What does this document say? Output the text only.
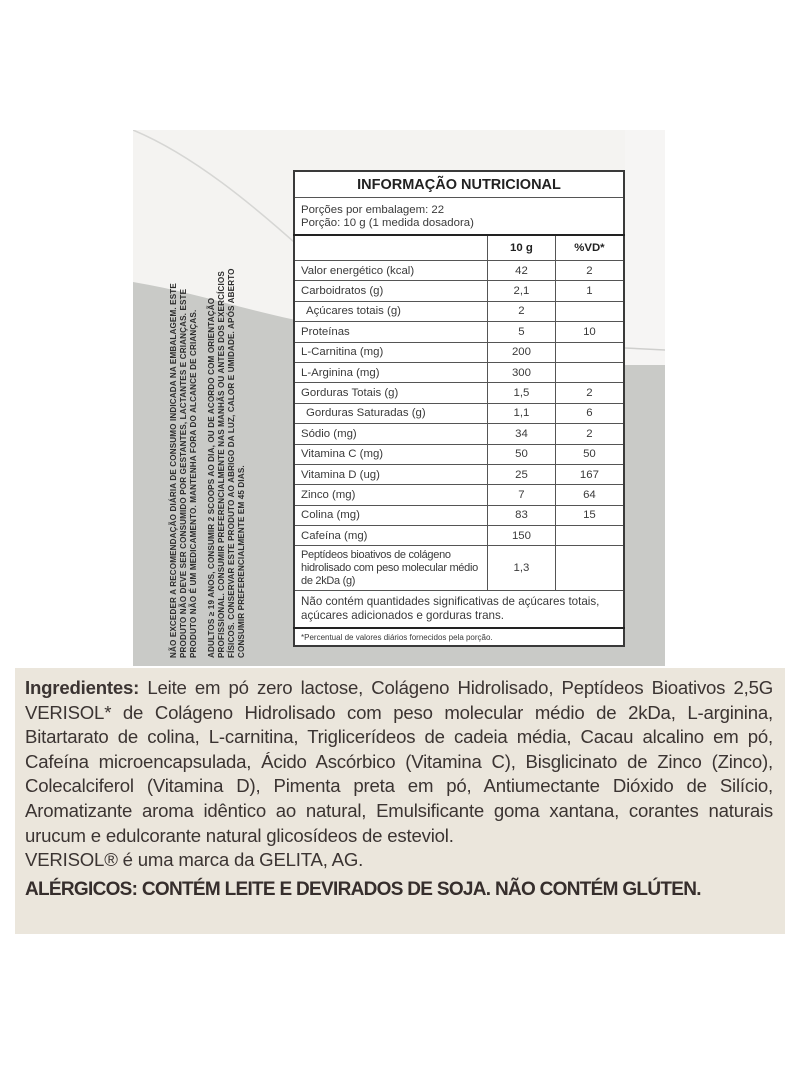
NÃO EXCEDER A RECOMENDAÇÃO DIÁRIA DE CONSUMO INDICADA NA EMBALAGEM. ESTE PRODUTO NÃO DEVE SER CONSUMIDO POR GESTANTES, LACTANTES E CRIANÇAS. ESTE PRODUTO NÃO É UM MEDICAMENTO. MANTENHA FORA DO ALCANCE DE CRIANÇAS. ADULTOS ≥ 19 ANOS, CONSUMIR 2 SCOOPS AO DIA, OU DE ACORDO COM ORIENTAÇÃO PROFISSIONAL. CONSUMIR PREFERENCIALMENTE NAS MANHÃS OU ANTES DOS EXERCÍCIOS FÍSICOS. CONSERVAR ESTE PRODUTO AO ABRIGO DA LUZ, CALOR E UMIDADE. APÓS ABERTO CONSUMIR PREFERENCIALMENTE EM 45 DIAS.
INFORMAÇÃO NUTRICIONAL		

Porções por embalagem: 22
Porção: 10 g (1 medida dosadora)		

	10 g	%VD*
Valor energético (kcal)	42	2
Carboidratos (g)	2,1	1
Açúcares totais (g)	2	
Proteínas	5	10
L-Carnitina (mg)	200	
L-Arginina (mg)	300	
Gorduras Totais (g)	1,5	2
Gorduras Saturadas (g)	1,1	6
Sódio (mg)	34	2
Vitamina C (mg)	50	50
Vitamina D (ug)	25	167
Zinco (mg)	7	64
Colina (mg)	83	15
Cafeína (mg)	150	
Peptídeos bioativos de colágeno hidrolisado com peso molecular médio de 2kDa (g)	1,3	
Não contém quantidades significativas de açúcares totais, açúcares adicionados e gorduras trans.		
*Percentual de valores diários fornecidos pela porção.		
Ingredientes: Leite em pó zero lactose, Colágeno Hidrolisado, Peptídeos Bioativos 2,5G VERISOL* de Colágeno Hidrolisado com peso molecular médio de 2kDa, L-arginina, Bitartarato de colina, L-carnitina, Triglicerídeos de cadeia média, Cacau alcalino em pó, Cafeína microencapsulada, Ácido Ascórbico (Vitamina C), Bisglicinato de Zinco (Zinco), Colecalciferol (Vitamina D), Pimenta preta em pó, Antiumectante Dióxido de Silício, Aromatizante aroma idêntico ao natural, Emulsificante goma xantana, corantes naturais urucum e edulcorante natural glicosídeos de esteviol.
VERISOL® é uma marca da GELITA, AG.
ALÉRGICOS: CONTÉM LEITE E DEVIRADOS DE SOJA. NÃO CONTÉM GLÚTEN.
